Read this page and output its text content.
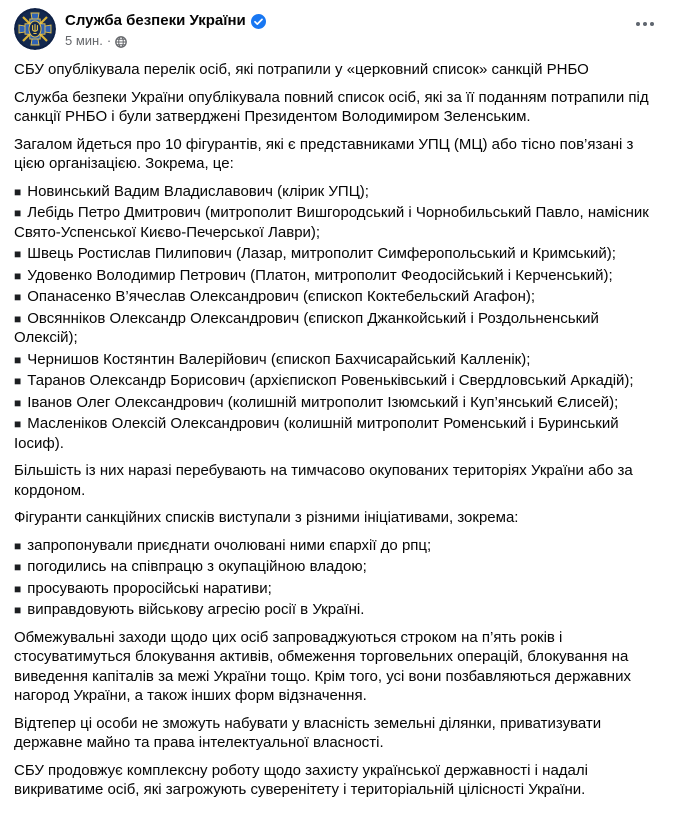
Служба безпеки України
5 мин. ·

СБУ опублікувала перелік осіб, які потрапили у «церковний список» санкцій РНБО

Служба безпеки України опублікувала повний список осіб, які за її поданням потрапили під санкції РНБО і були затверджені Президентом Володимиром Зеленським.

Загалом йдеться про 10 фігурантів, які є представниками УПЦ (МЦ) або тісно пов’язані з цією організацією. Зокрема, це:

■ Новинський Вадим Владиславович (клірик УПЦ);

■ Лебідь Петро Дмитрович (митрополит Вишгородський і Чорнобильський Павло, намісник Свято-Успенської Києво-Печерської Лаври);

■ Швець Ростислав Пилипович (Лазар, митрополит Симферопольський и Кримський);

■ Удовенко Володимир Петрович (Платон, митрополит Феодосійський і Керченський);

■ Опанасенко В’ячеслав Олександрович (єпископ Коктебельский Агафон);

■ Овсянніков Олександр Олександрович (єпископ Джанкойський і Роздольненський Олексій);

■ Чернишов Костянтин Валерійович (єпископ Бахчисарайський Калленік);

■ Таранов Олександр Борисович (архієпископ Ровеньківський і Свердловський Аркадій);

■ Іванов Олег Олександрович (колишній митрополит Ізюмський і Куп’янський Єлисей);

■ Масленіков Олексій Олександрович (колишній митрополит Роменський і Буринський Іосиф).

Більшість із них наразі перебувають на тимчасово окупованих територіях України або за кордоном.

Фігуранти санкційних списків виступали з різними ініціативами, зокрема:

■ запропонували приєднати очолювані ними єпархії до рпц;

■ погодились на співпрацю з окупаційною владою;

■ просувають проросійські наративи;

■ виправдовують військову агресію росії в Україні.

Обмежувальні заходи щодо цих осіб запроваджуються строком на п’ять років і стосуватимуться блокування активів, обмеження торговельних операцій, блокування на виведення капіталів за межі України тощо. Крім того, усі вони позбавляються державних нагород України, а також інших форм відзначення.

Відтепер ці особи не зможуть набувати у власність земельні ділянки, приватизувати державне майно та права інтелектуальної власності.

СБУ продовжує комплексну роботу щодо захисту української державності і надалі викриватиме осіб, які загрожують суверенітету і територіальній цілісності України.
